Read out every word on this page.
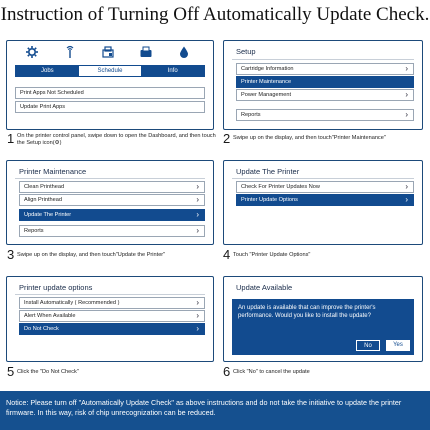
Instruction of Turning Off Automatically Update Check.
Jobs	Schedule	Info
Print Apps Not Scheduled
Update Print Apps
1 On the printer control panel, swipe down to open the Dashboard, and then touch the Setup icon(⚙)
Setup
Cartridge Information	›
Printer Maintenance
Power Management	›
Reports	›
2 Swipe up on the display, and then touch"Printer Maintenance"
Printer Maintenance
Clean Printhead	›
Align Printhead	›
Update The Printer	›
Reports	›
3 Swipe up on the display, and then touch"Update the Printer"
Update The Printer
Check For Printer Updates Now	›
Printer Update Options	›
4 Touch "Printer Update Options"
Printer update options
Install Automatically ( Recommended )	›
Alert When Available	›
Do Not Check	›
5 Click the "Do Not Check"
Update Available
An update is available that can improve the printer's performance. Would you like to install the update?
No	Yes
6 Click "No" to cancel the update
Notice: Please turn off "Automatically Update Check" as above instructions and do not take the initiative to update the printer firmware. In this way, risk of chip unrecognization can be reduced.
